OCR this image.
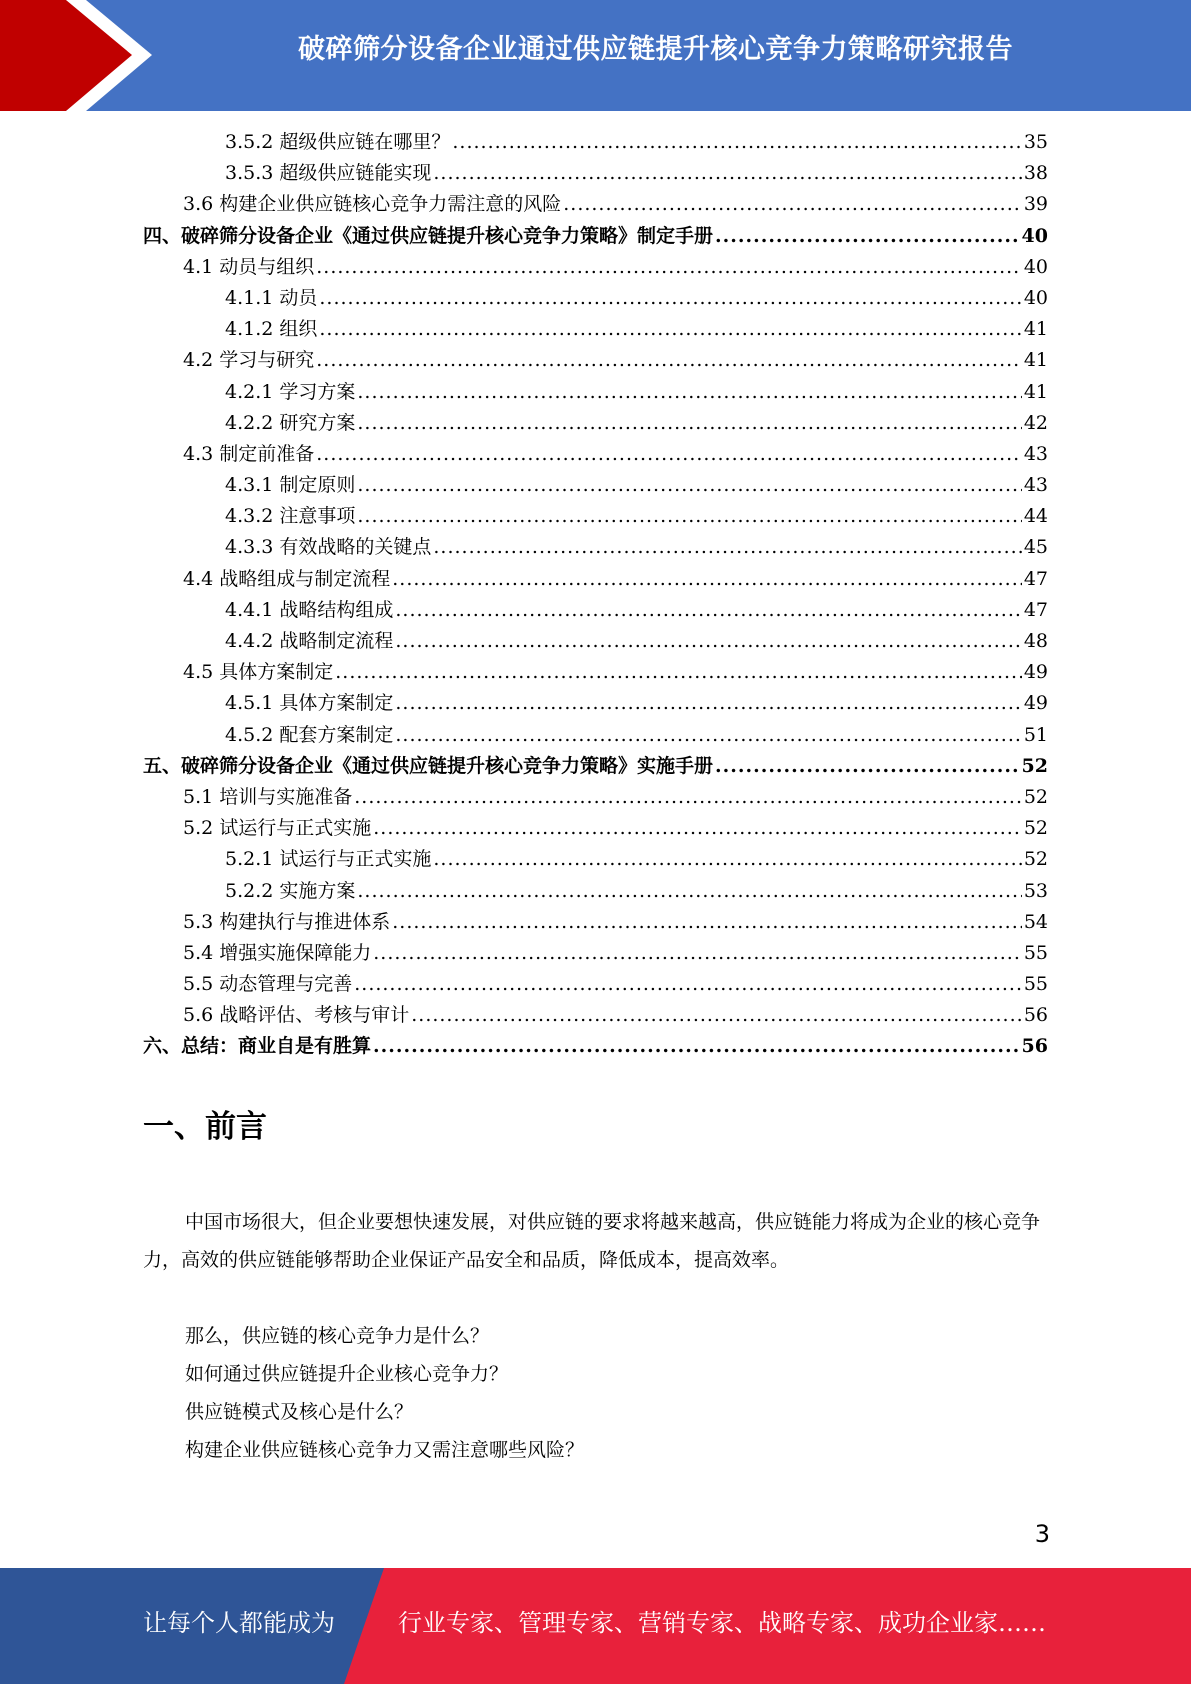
破碎筛分设备企业通过供应链提升核心竞争力策略研究报告
3.5.2 超级供应链在哪里？ .....	35
3.5.3 超级供应链能实现 .....	38
3.6 构建企业供应链核心竞争力需注意的风险 .....	39
四、破碎筛分设备企业《通过供应链提升核心竞争力策略》制定手册 .....	40
4.1 动员与组织 .....	40
4.1.1 动员 .....	40
4.1.2 组织 .....	41
4.2 学习与研究 .....	41
4.2.1 学习方案 .....	41
4.2.2 研究方案 .....	42
4.3 制定前准备 .....	43
4.3.1 制定原则 .....	43
4.3.2 注意事项 .....	44
4.3.3 有效战略的关键点 .....	45
4.4 战略组成与制定流程 .....	47
4.4.1 战略结构组成 .....	47
4.4.2 战略制定流程 .....	48
4.5 具体方案制定 .....	49
4.5.1 具体方案制定 .....	49
4.5.2 配套方案制定 .....	51
五、破碎筛分设备企业《通过供应链提升核心竞争力策略》实施手册 .....	52
5.1 培训与实施准备 .....	52
5.2 试运行与正式实施 .....	52
5.2.1 试运行与正式实施 .....	52
5.2.2 实施方案 .....	53
5.3 构建执行与推进体系 .....	54
5.4 增强实施保障能力 .....	55
5.5 动态管理与完善 .....	55
5.6 战略评估、考核与审计 .....	56
六、总结：商业自是有胜算 .....	56
一、前言
中国市场很大，但企业要想快速发展，对供应链的要求将越来越高，供应链能力将成为企业的核心竞争力，高效的供应链能够帮助企业保证产品安全和品质，降低成本，提高效率。
那么，供应链的核心竞争力是什么？
如何通过供应链提升企业核心竞争力？
供应链模式及核心是什么？
构建企业供应链核心竞争力又需注意哪些风险？
3
让每个人都能成为	行业专家、管理专家、营销专家、战略专家、成功企业家……
